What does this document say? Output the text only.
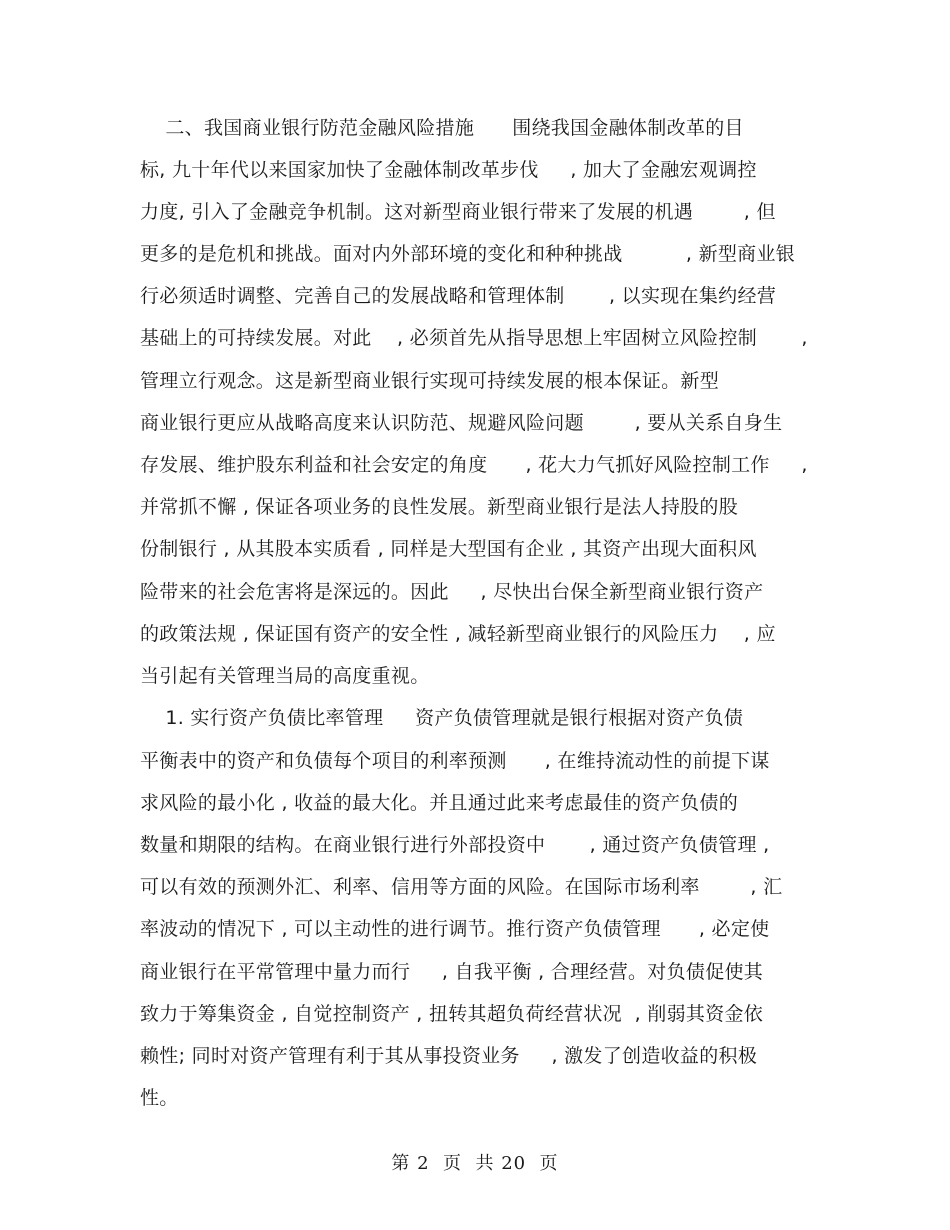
二、我国商业银行防范金融风险措施      围绕我国金融体制改革的目
标, 九十年代以来国家加快了金融体制改革步伐     , 加大了金融宏观调控
力度, 引入了金融竞争机制。这对新型商业银行带来了发展的机遇        , 但
更多的是危机和挑战。面对内外部环境的变化和种种挑战          , 新型商业银
行必须适时调整、完善自己的发展战略和管理体制       , 以实现在集约经营
基础上的可持续发展。对此    , 必须首先从指导思想上牢固树立风险控制       ,
管理立行观念。这是新型商业银行实现可持续发展的根本保证。新型
商业银行更应从战略高度来认识防范、规避风险问题        , 要从关系自身生
存发展、维护股东利益和社会安定的角度      , 花大力气抓好风险控制工作     ,
并常抓不懈 , 保证各项业务的良性发展。新型商业银行是法人持股的股
份制银行 , 从其股本实质看 , 同样是大型国有企业 , 其资产出现大面积风
险带来的社会危害将是深远的。因此     , 尽快出台保全新型商业银行资产
的政策法规 , 保证国有资产的安全性 , 减轻新型商业银行的风险压力    , 应
当引起有关管理当局的高度重视。
1. 实行资产负债比率管理     资产负债管理就是银行根据对资产负债
平衡表中的资产和负债每个项目的利率预测      , 在维持流动性的前提下谋
求风险的最小化 , 收益的最大化。并且通过此来考虑最佳的资产负债的
数量和期限的结构。在商业银行进行外部投资中       , 通过资产负债管理 ,
可以有效的预测外汇、利率、信用等方面的风险。在国际市场利率        , 汇
率波动的情况下 , 可以主动性的进行调节。推行资产负债管理      , 必定使
商业银行在平常管理中量力而行     , 自我平衡 , 合理经营。对负债促使其
致力于筹集资金 , 自觉控制资产 , 扭转其超负荷经营状况  , 削弱其资金依
赖性; 同时对资产管理有利于其从事投资业务     , 激发了创造收益的积极
性。
第 2  页  共 20  页
